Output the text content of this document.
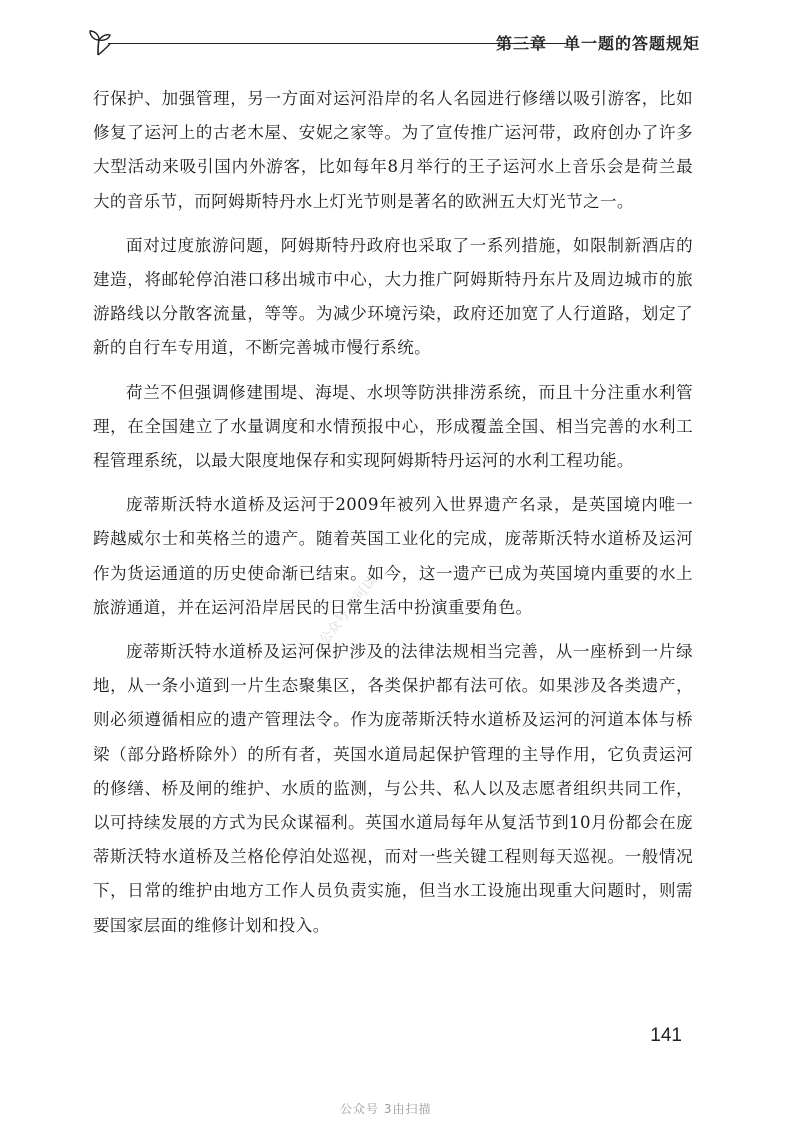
第三章　单一题的答题规矩

行保护、加强管理，另一方面对运河沿岸的名人名园进行修缮以吸引游客，比如修复了运河上的古老木屋、安妮之家等。为了宣传推广运河带，政府创办了许多大型活动来吸引国内外游客，比如每年8月举行的王子运河水上音乐会是荷兰最大的音乐节，而阿姆斯特丹水上灯光节则是著名的欧洲五大灯光节之一。

面对过度旅游问题，阿姆斯特丹政府也采取了一系列措施，如限制新酒店的建造，将邮轮停泊港口移出城市中心，大力推广阿姆斯特丹东片及周边城市的旅游路线以分散客流量，等等。为减少环境污染，政府还加宽了人行道路，划定了新的自行车专用道，不断完善城市慢行系统。

荷兰不但强调修建围堤、海堤、水坝等防洪排涝系统，而且十分注重水利管理，在全国建立了水量调度和水情预报中心，形成覆盖全国、相当完善的水利工程管理系统，以最大限度地保存和实现阿姆斯特丹运河的水利工程功能。

庞蒂斯沃特水道桥及运河于2009年被列入世界遗产名录，是英国境内唯一跨越威尔士和英格兰的遗产。随着英国工业化的完成，庞蒂斯沃特水道桥及运河作为货运通道的历史使命渐已结束。如今，这一遗产已成为英国境内重要的水上旅游通道，并在运河沿岸居民的日常生活中扮演重要角色。

庞蒂斯沃特水道桥及运河保护涉及的法律法规相当完善，从一座桥到一片绿地，从一条小道到一片生态聚集区，各类保护都有法可依。如果涉及各类遗产，则必须遵循相应的遗产管理法令。作为庞蒂斯沃特水道桥及运河的河道本体与桥梁（部分路桥除外）的所有者，英国水道局起保护管理的主导作用，它负责运河的修缮、桥及闸的维护、水质的监测，与公共、私人以及志愿者组织共同工作，以可持续发展的方式为民众谋福利。英国水道局每年从复活节到10月份都会在庞蒂斯沃特水道桥及兰格伦停泊处巡视，而对一些关键工程则每天巡视。一般情况下，日常的维护由地方工作人员负责实施，但当水工设施出现重大问题时，则需要国家层面的维修计划和投入。

公众号 宝可以
141
公众号 3由扫描
